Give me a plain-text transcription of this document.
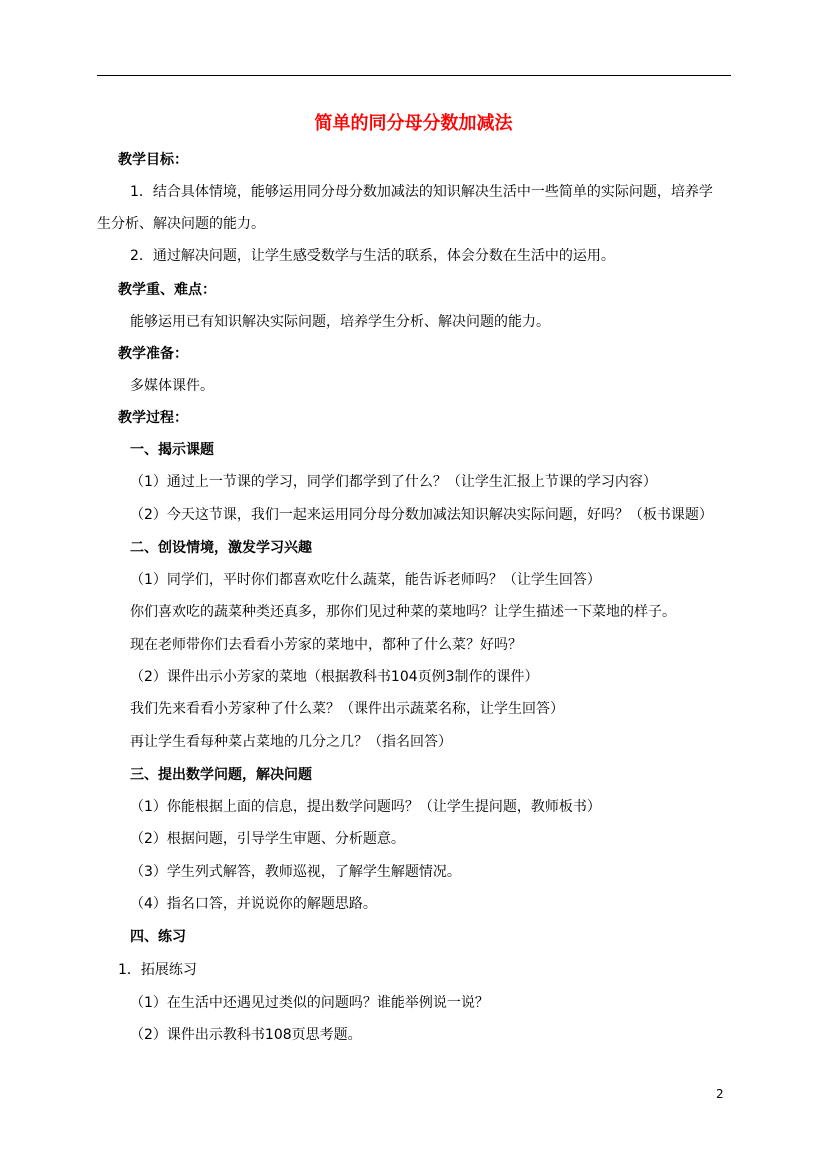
简单的同分母分数加减法
教学目标：
1．结合具体情境，能够运用同分母分数加减法的知识解决生活中一些简单的实际问题，培养学
生分析、解决问题的能力。
2．通过解决问题，让学生感受数学与生活的联系，体会分数在生活中的运用。
教学重、难点：
能够运用已有知识解决实际问题，培养学生分析、解决问题的能力。
教学准备：
多媒体课件。
教学过程：
一、揭示课题
（1）通过上一节课的学习，同学们都学到了什么？（让学生汇报上节课的学习内容）
（2）今天这节课，我们一起来运用同分母分数加减法知识解决实际问题，好吗？（板书课题）
二、创设情境，激发学习兴趣
（1）同学们，平时你们都喜欢吃什么蔬菜，能告诉老师吗？（让学生回答）
你们喜欢吃的蔬菜种类还真多，那你们见过种菜的菜地吗？让学生描述一下菜地的样子。
现在老师带你们去看看小芳家的菜地中，都种了什么菜？好吗？
（2）课件出示小芳家的菜地（根据教科书104页例3制作的课件）
我们先来看看小芳家种了什么菜？（课件出示蔬菜名称，让学生回答）
再让学生看每种菜占菜地的几分之几？（指名回答）
三、提出数学问题，解决问题
（1）你能根据上面的信息，提出数学问题吗？（让学生提问题，教师板书）
（2）根据问题，引导学生审题、分析题意。
（3）学生列式解答，教师巡视，了解学生解题情况。
（4）指名口答，并说说你的解题思路。
四、练习
1．拓展练习
（1）在生活中还遇见过类似的问题吗？谁能举例说一说？
（2）课件出示教科书108页思考题。
2
